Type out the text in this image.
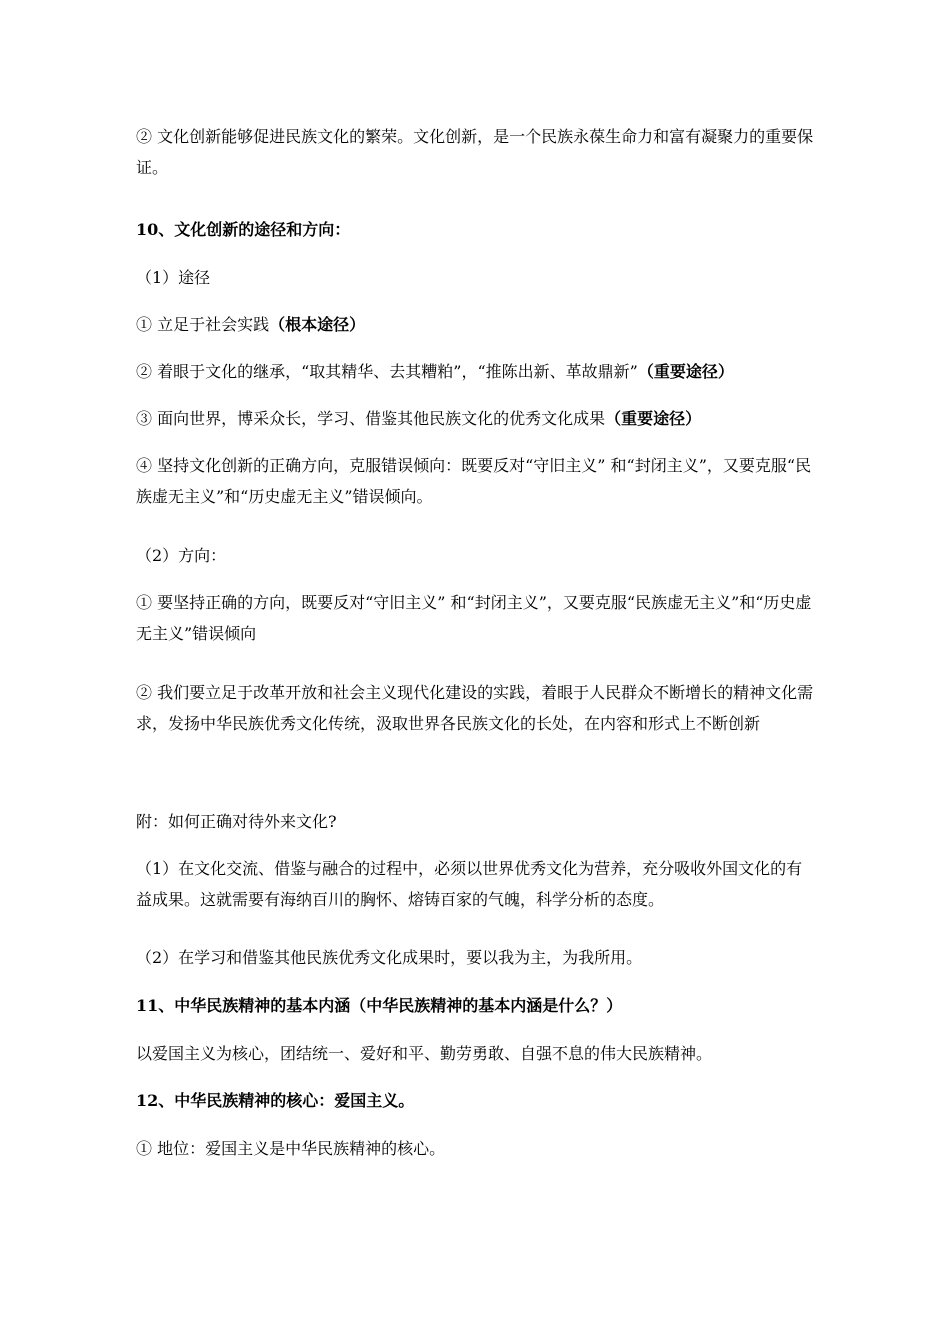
② 文化创新能够促进民族文化的繁荣。文化创新，是一个民族永葆生命力和富有凝聚力的重要保证。

10、文化创新的途径和方向：

（1）途径

① 立足于社会实践（根本途径）

② 着眼于文化的继承，“取其精华、去其糟粕”，“推陈出新、革故鼎新”（重要途径）

③ 面向世界，博采众长，学习、借鉴其他民族文化的优秀文化成果（重要途径）

④ 坚持文化创新的正确方向，克服错误倾向：既要反对“守旧主义” 和“封闭主义”，又要克服“民族虚无主义”和“历史虚无主义”错误倾向。

（2）方向：

① 要坚持正确的方向，既要反对“守旧主义” 和“封闭主义”，又要克服“民族虚无主义”和“历史虚无主义”错误倾向

② 我们要立足于改革开放和社会主义现代化建设的实践，着眼于人民群众不断增长的精神文化需求，发扬中华民族优秀文化传统，汲取世界各民族文化的长处，在内容和形式上不断创新

附：如何正确对待外来文化?

（1）在文化交流、借鉴与融合的过程中，必须以世界优秀文化为营养，充分吸收外国文化的有益成果。这就需要有海纳百川的胸怀、熔铸百家的气魄，科学分析的态度。

（2）在学习和借鉴其他民族优秀文化成果时，要以我为主，为我所用。

11、中华民族精神的基本内涵（中华民族精神的基本内涵是什么？）

以爱国主义为核心，团结统一、爱好和平、勤劳勇敢、自强不息的伟大民族精神。

12、中华民族精神的核心：爱国主义。

① 地位：爱国主义是中华民族精神的核心。
